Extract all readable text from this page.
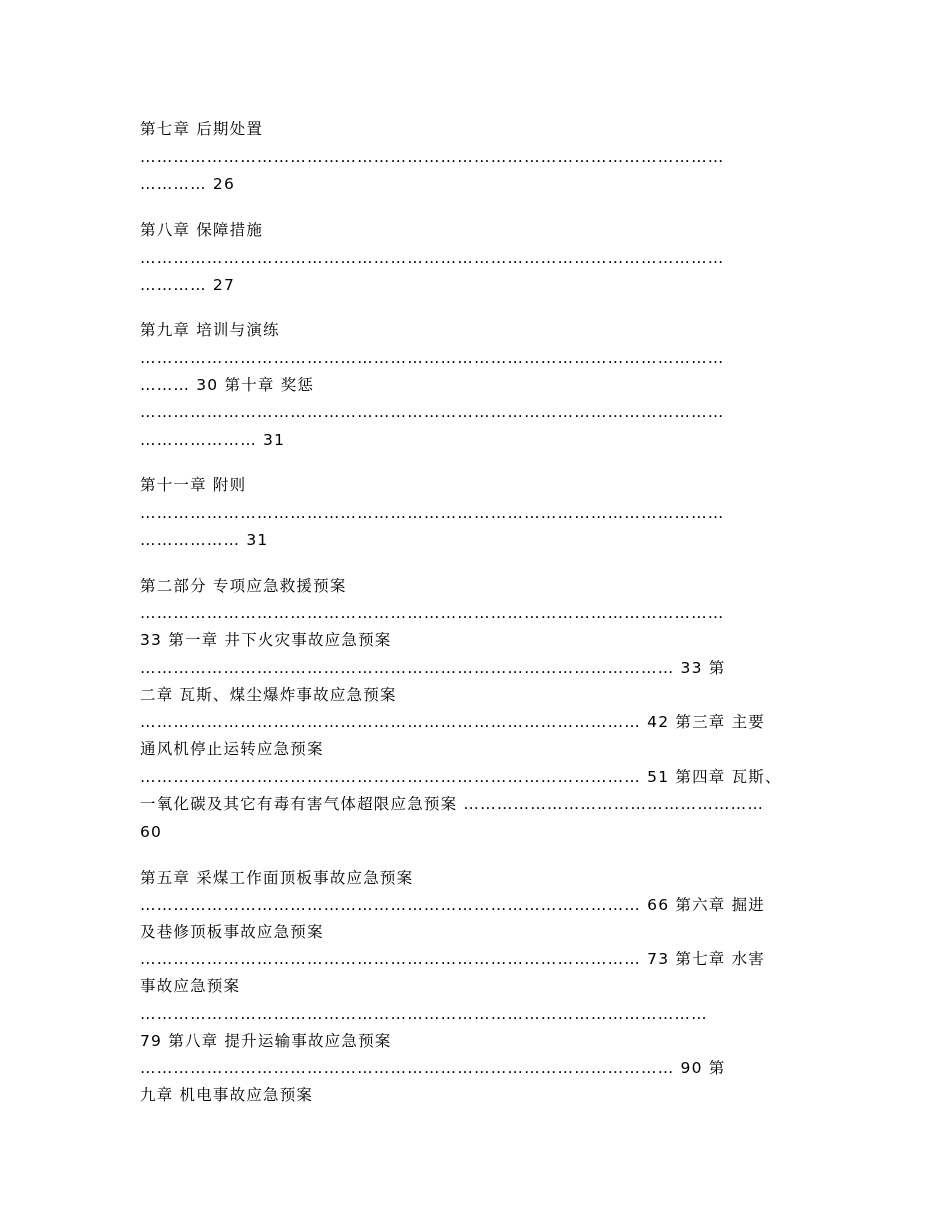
第七章 后期处置
……………………………………………………………………………………………
………… 26
第八章 保障措施
……………………………………………………………………………………………
………… 27
第九章 培训与演练
……………………………………………………………………………………………
……… 30 第十章 奖惩
……………………………………………………………………………………………
………………… 31
第十一章 附则
……………………………………………………………………………………………
……………… 31
第二部分 专项应急救援预案
……………………………………………………………………………………………
33 第一章 井下火灾事故应急预案
…………………………………………………………………………………… 33 第
二章 瓦斯、煤尘爆炸事故应急预案
……………………………………………………………………………… 42 第三章 主要
通风机停止运转应急预案
……………………………………………………………………………… 51 第四章 瓦斯、
一氧化碳及其它有毒有害气体超限应急预案 ………………………………………………
60
第五章 采煤工作面顶板事故应急预案
……………………………………………………………………………… 66 第六章 掘进
及巷修顶板事故应急预案
……………………………………………………………………………… 73 第七章 水害
事故应急预案
…………………………………………………………………………………………
79 第八章 提升运输事故应急预案
…………………………………………………………………………………… 90 第
九章 机电事故应急预案
